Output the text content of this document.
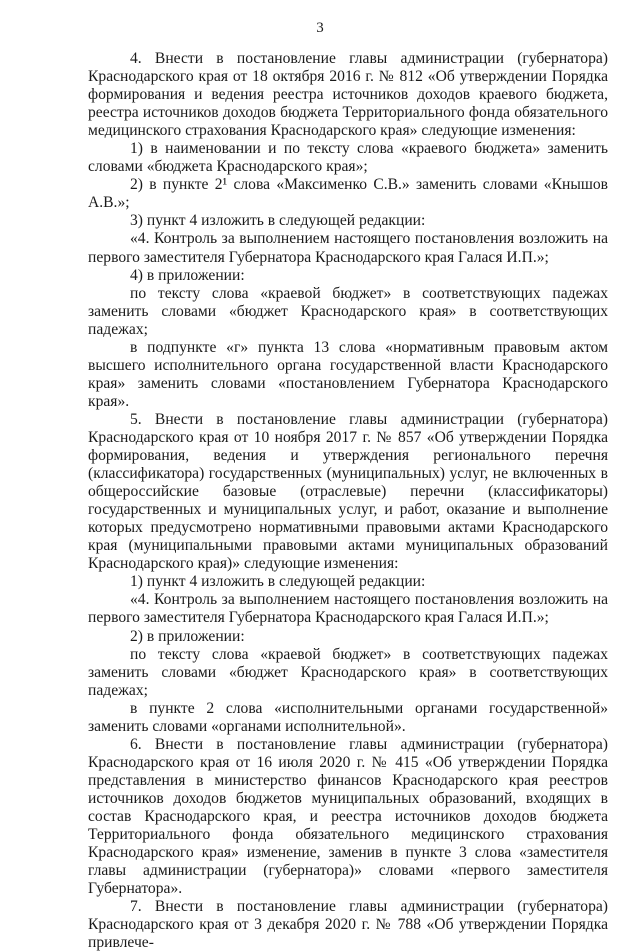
3

4. Внести в постановление главы администрации (губернатора) Краснодарского края от 18 октября 2016 г. № 812 «Об утверждении Порядка формирования и ведения реестра источников доходов краевого бюджета, реестра источников доходов бюджета Территориального фонда обязательного медицинского страхования Краснодарского края» следующие изменения:

1) в наименовании и по тексту слова «краевого бюджета» заменить словами «бюджета Краснодарского края»;

2) в пункте 2¹ слова «Максименко С.В.» заменить словами «Кнышов А.В.»;

3) пункт 4 изложить в следующей редакции:

«4. Контроль за выполнением настоящего постановления возложить на первого заместителя Губернатора Краснодарского края Галася И.П.»;

4) в приложении:

по тексту слова «краевой бюджет» в соответствующих падежах заменить словами «бюджет Краснодарского края» в соответствующих падежах;

в подпункте «г» пункта 13 слова «нормативным правовым актом высшего исполнительного органа государственной власти Краснодарского края» заменить словами «постановлением Губернатора Краснодарского края».

5. Внести в постановление главы администрации (губернатора) Краснодарского края от 10 ноября 2017 г. № 857 «Об утверждении Порядка формирования, ведения и утверждения регионального перечня (классификатора) государственных (муниципальных) услуг, не включенных в общероссийские базовые (отраслевые) перечни (классификаторы) государственных и муниципальных услуг, и работ, оказание и выполнение которых предусмотрено нормативными правовыми актами Краснодарского края (муниципальными правовыми актами муниципальных образований Краснодарского края)» следующие изменения:

1) пункт 4 изложить в следующей редакции:

«4. Контроль за выполнением настоящего постановления возложить на первого заместителя Губернатора Краснодарского края Галася И.П.»;

2) в приложении:

по тексту слова «краевой бюджет» в соответствующих падежах заменить словами «бюджет Краснодарского края» в соответствующих падежах;

в пункте 2 слова «исполнительными органами государственной» заменить словами «органами исполнительной».

6. Внести в постановление главы администрации (губернатора) Краснодарского края от 16 июля 2020 г. № 415 «Об утверждении Порядка представления в министерство финансов Краснодарского края реестров источников доходов бюджетов муниципальных образований, входящих в состав Краснодарского края, и реестра источников доходов бюджета Территориального фонда обязательного медицинского страхования Краснодарского края» изменение, заменив в пункте 3 слова «заместителя главы администрации (губернатора)» словами «первого заместителя Губернатора».

7. Внести в постановление главы администрации (губернатора) Краснодарского края от 3 декабря 2020 г. № 788 «Об утверждении Порядка привлече-
